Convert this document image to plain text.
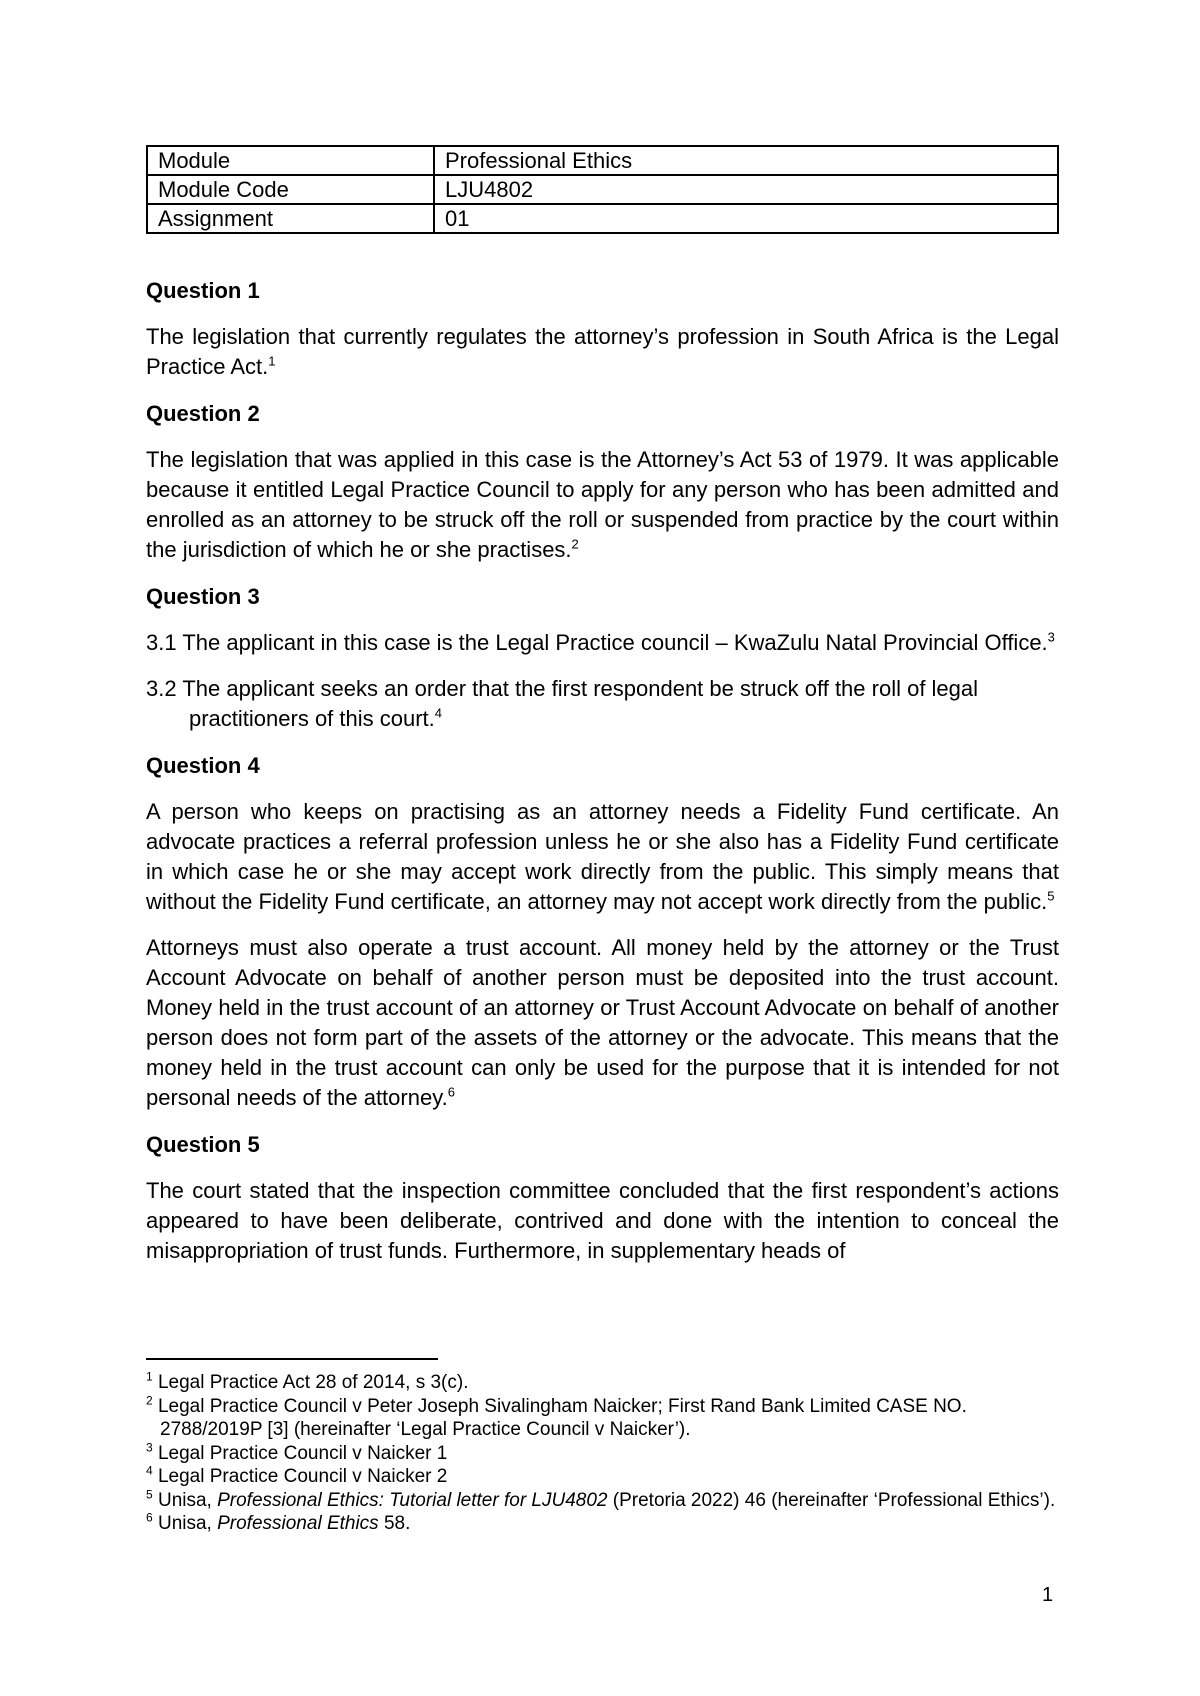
Module	Professional Ethics
Module Code	LJU4802
Assignment	01
Question 1

The legislation that currently regulates the attorney’s profession in South Africa is the Legal Practice Act.$^1$

Question 2

The legislation that was applied in this case is the Attorney’s Act 53 of 1979. It was applicable because it entitled Legal Practice Council to apply for any person who has been admitted and enrolled as an attorney to be struck off the roll or suspended from practice by the court within the jurisdiction of which he or she practises.$^2$

Question 3

3.1 The applicant in this case is the Legal Practice council – KwaZulu Natal Provincial Office.$^3$

3.2 The applicant seeks an order that the first respondent be struck off the roll of legal practitioners of this court.$^4$

Question 4

A person who keeps on practising as an attorney needs a Fidelity Fund certificate. An advocate practices a referral profession unless he or she also has a Fidelity Fund certificate in which case he or she may accept work directly from the public. This simply means that without the Fidelity Fund certificate, an attorney may not accept work directly from the public.$^5$

Attorneys must also operate a trust account. All money held by the attorney or the Trust Account Advocate on behalf of another person must be deposited into the trust account. Money held in the trust account of an attorney or Trust Account Advocate on behalf of another person does not form part of the assets of the attorney or the advocate. This means that the money held in the trust account can only be used for the purpose that it is intended for not personal needs of the attorney.$^6$

Question 5

The court stated that the inspection committee concluded that the first respondent’s actions appeared to have been deliberate, contrived and done with the intention to conceal the misappropriation of trust funds. Furthermore, in supplementary heads of

$^1$ Legal Practice Act 28 of 2014, s 3(c).

$^2$ Legal Practice Council v Peter Joseph Sivalingham Naicker; First Rand Bank Limited CASE NO. 2788/2019P [3] (hereinafter ‘Legal Practice Council v Naicker’).

$^3$ Legal Practice Council v Naicker 1

$^4$ Legal Practice Council v Naicker 2

$^5$ Unisa, Professional Ethics: Tutorial letter for LJU4802 (Pretoria 2022) 46 (hereinafter ‘Professional Ethics’).

$^6$ Unisa, Professional Ethics 58.

1
